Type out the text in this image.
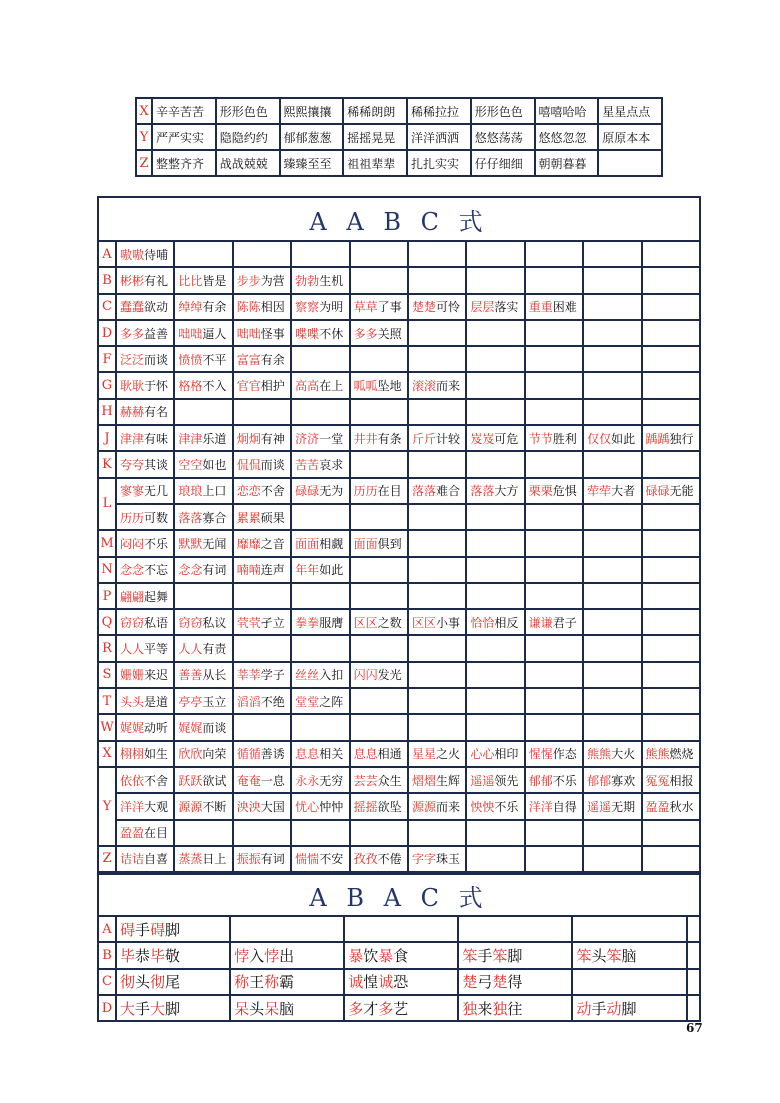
X	辛辛苦苦	形形色色	熙熙攘攘	稀稀朗朗	稀稀拉拉	形形色色	嘻嘻哈哈	星星点点
Y	严严实实	隐隐约约	郁郁葱葱	摇摇晃晃	洋洋洒洒	悠悠荡荡	悠悠忽忽	原原本本
Z	整整齐齐	战战兢兢	臻臻至至	祖祖辈辈	扎扎实实	仔仔细细	朝朝暮暮	
A A B C 式										
A	嗷嗷待哺									
B	彬彬有礼	比比皆是	步步为营	勃勃生机						
C	蠢蠢欲动	绰绰有余	陈陈相因	察察为明	草草了事	楚楚可怜	层层落实	重重困难		
D	多多益善	咄咄逼人	咄咄怪事	喋喋不休	多多关照					
F	泛泛而谈	愤愤不平	富富有余							
G	耿耿于怀	格格不入	官官相护	高高在上	呱呱坠地	滚滚而来				
H	赫赫有名									
J	津津有味	津津乐道	炯炯有神	济济一堂	井井有条	斤斤计较	岌岌可危	节节胜利	仅仅如此	踽踽独行
K	夸夸其谈	空空如也	侃侃而谈	苦苦哀求						
L	寥寥无几	琅琅上口	恋恋不舍	碌碌无为	历历在目	落落难合	落落大方	栗栗危惧	荦荦大者	碌碌无能
	历历可数	落落寡合	累累硕果							
M	闷闷不乐	默默无闻	靡靡之音	面面相觑	面面俱到					
N	念念不忘	念念有词	喃喃连声	年年如此						
P	翩翩起舞									
Q	窃窃私语	窃窃私议	茕茕孑立	拳拳服膺	区区之数	区区小事	恰恰相反	谦谦君子		
R	人人平等	人人有责								
S	姗姗来迟	善善从长	莘莘学子	丝丝入扣	闪闪发光					
T	头头是道	亭亭玉立	滔滔不绝	堂堂之阵						
W	娓娓动听	娓娓而谈								
X	栩栩如生	欣欣向荣	循循善诱	息息相关	息息相通	星星之火	心心相印	惺惺作态	熊熊大火	熊熊燃烧
Y	依依不舍	跃跃欲试	奄奄一息	永永无穷	芸芸众生	熠熠生辉	遥遥领先	郁郁不乐	郁郁寡欢	冤冤相报
	洋洋大观	源源不断	泱泱大国	忧心忡忡	摇摇欲坠	源源而来	怏怏不乐	洋洋自得	遥遥无期	盈盈秋水
	盈盈在目									
Z	诘诘自喜	蒸蒸日上	振振有词	惴惴不安	孜孜不倦	字字珠玉				
A B A C 式						
A	碍手碍脚					
B	毕恭毕敬	悖入悖出	暴饮暴食	笨手笨脚	笨头笨脑	
C	彻头彻尾	称王称霸	诚惶诚恐	楚弓楚得		
D	大手大脚	呆头呆脑	多才多艺	独来独往	动手动脚	
67
